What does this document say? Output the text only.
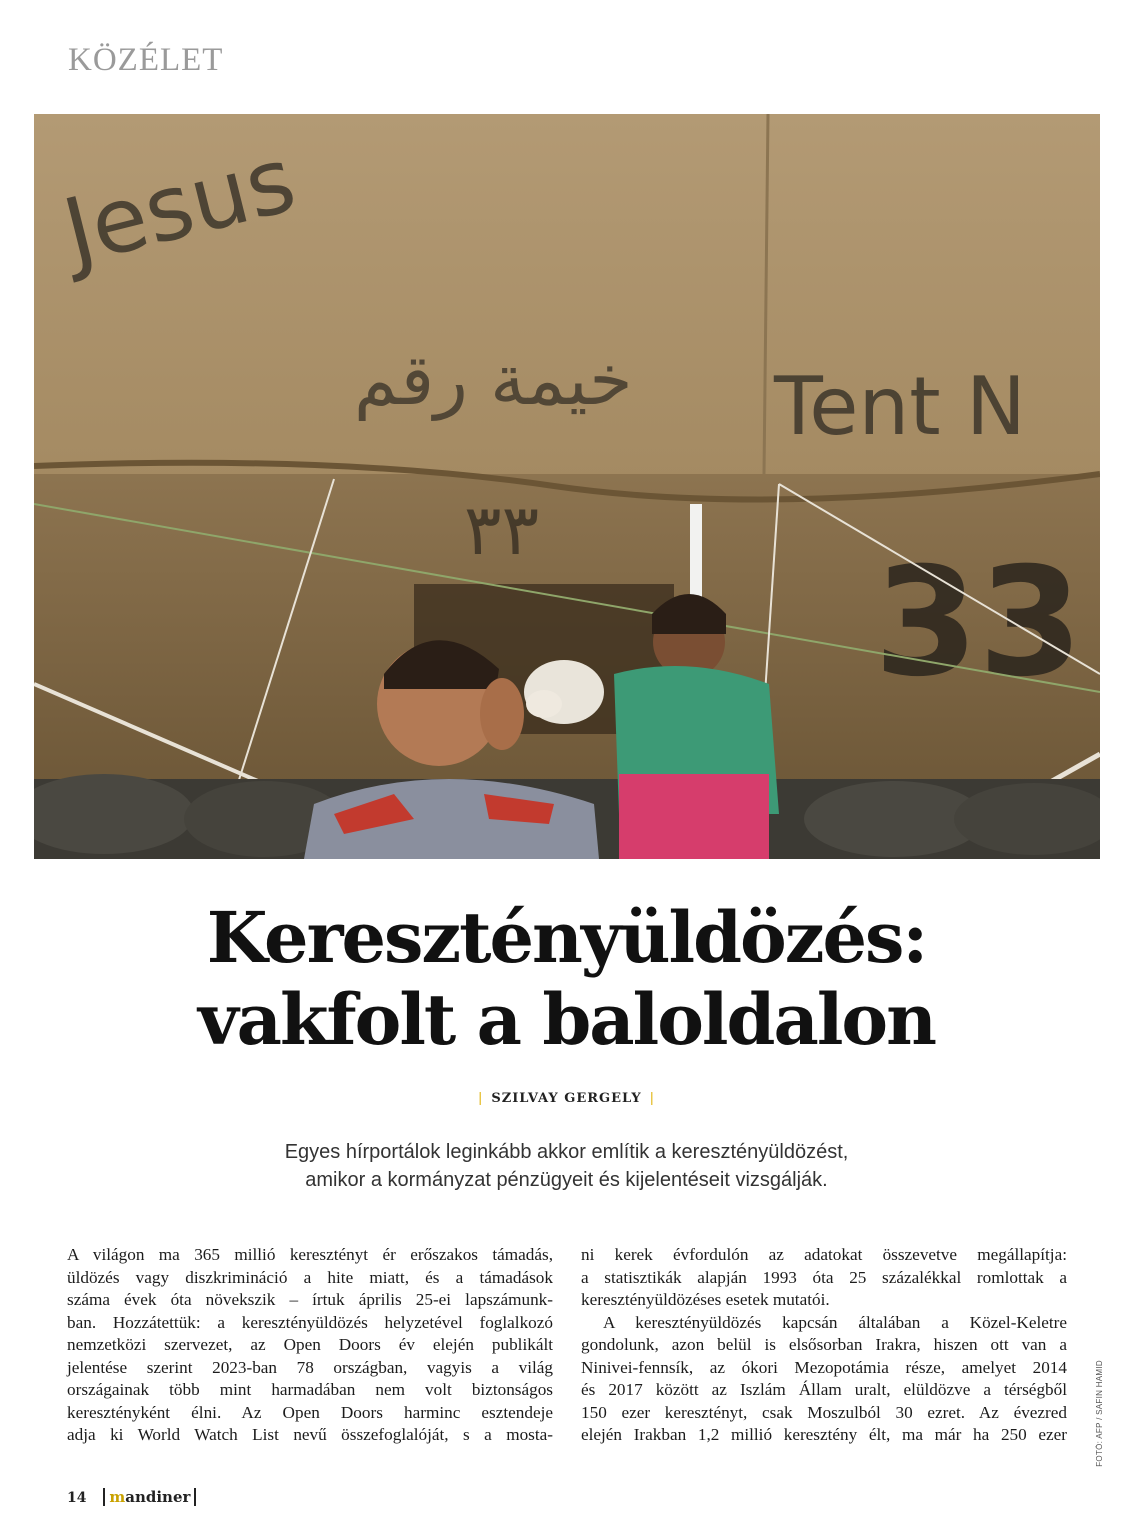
KÖZÉLET
Jesus
﻿ﺧﻴﻤﺔ ﺭﻗﻢ Tent N
33
٣٣
Keresztényüldözés:
vakfolt a baloldalon
| SZILVAY GERGELY |
Egyes hírportálok leginkább akkor említik a keresztényüldözést,
amikor a kormányzat pénzügyeit és kijelentéseit vizsgálják.
A világon ma 365 millió keresztényt ér erőszakos támadás,
üldözés vagy diszkrimináció a hite miatt, és a támadások
száma évek óta növekszik – írtuk április 25-ei lapszámunk-
ban. Hozzátettük: a keresztényüldözés helyzetével foglalkozó
nemzetközi szervezet, az Open Doors év elején publikált
jelentése szerint 2023-ban 78 országban, vagyis a világ
országainak több mint harmadában nem volt biztonságos
keresztényként élni. Az Open Doors harminc esztendeje
adja ki World Watch List nevű összefoglalóját, s a mosta-
ni kerek évfordulón az adatokat összevetve megállapítja:
a statisztikák alapján 1993 óta 25 százalékkal romlottak a
keresztényüldözéses esetek mutatói.
A keresztényüldözés kapcsán általában a Közel-Keletre
gondolunk, azon belül is elsősorban Irakra, hiszen ott van a
Ninivei-fennsík, az ókori Mezopotámia része, amelyet 2014
és 2017 között az Iszlám Állam uralt, elüldözve a térségből
150 ezer keresztényt, csak Moszulból 30 ezret. Az évezred
elején Irakban 1,2 millió keresztény élt, ma már ha 250 ezer	FOTÓ: AFP / SAFIN HAMID
14 mandiner
